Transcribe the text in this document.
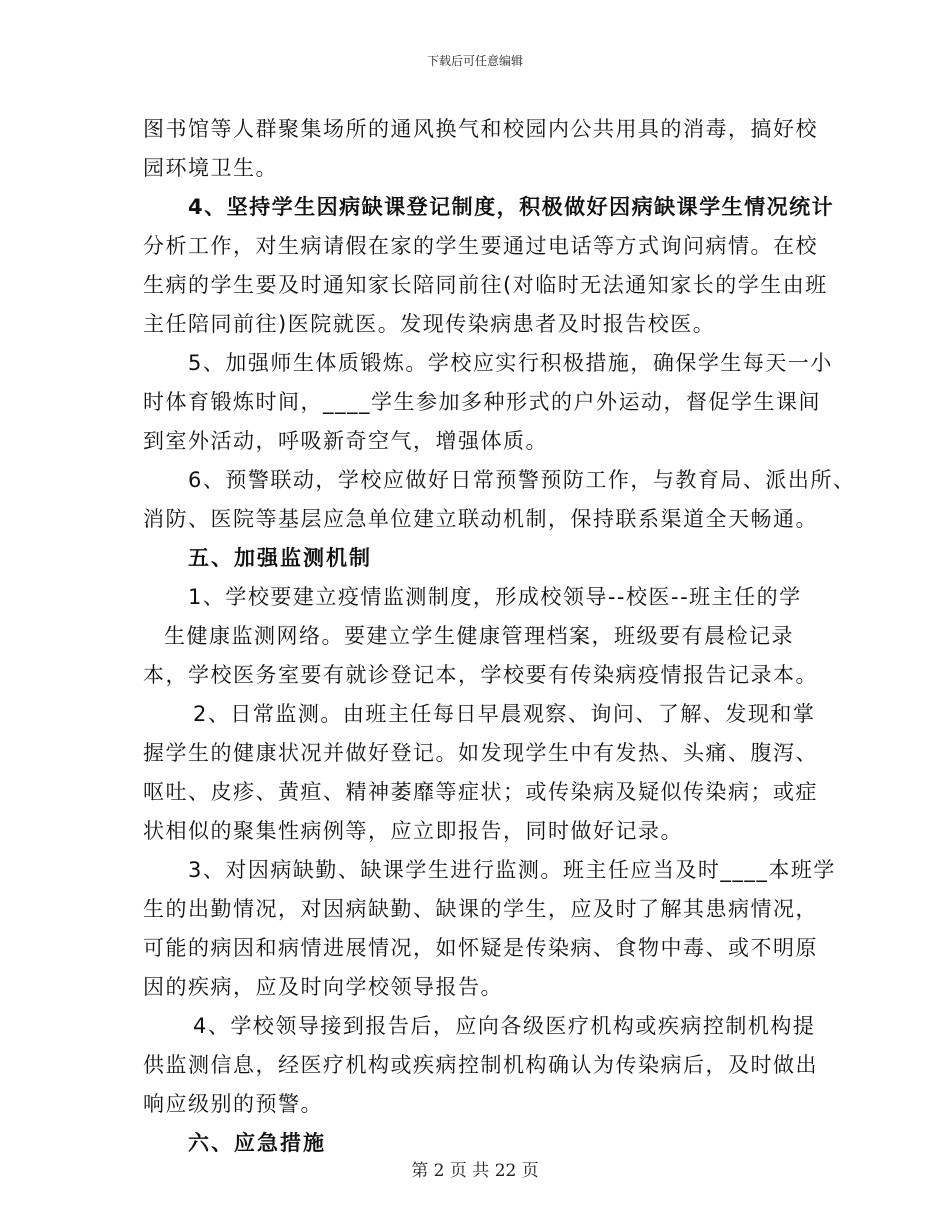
下载后可任意编辑
图书馆等人群聚集场所的通风换气和校园内公共用具的消毒，搞好校
园环境卫生。
4、坚持学生因病缺课登记制度，积极做好因病缺课学生情况统计
分析工作，对生病请假在家的学生要通过电话等方式询问病情。在校
生病的学生要及时通知家长陪同前往(对临时无法通知家长的学生由班
主任陪同前往)医院就医。发现传染病患者及时报告校医。
5、加强师生体质锻炼。学校应实行积极措施，确保学生每天一小
时体育锻炼时间，____学生参加多种形式的户外运动，督促学生课间
到室外活动，呼吸新奇空气，增强体质。
6、预警联动，学校应做好日常预警预防工作，与教育局、派出所、
消防、医院等基层应急单位建立联动机制，保持联系渠道全天畅通。
五、加强监测机制
1、学校要建立疫情监测制度，形成校领导--校医--班主任的学
生健康监测网络。要建立学生健康管理档案，班级要有晨检记录
本，学校医务室要有就诊登记本，学校要有传染病疫情报告记录本。
2、日常监测。由班主任每日早晨观察、询问、了解、发现和掌
握学生的健康状况并做好登记。如发现学生中有发热、头痛、腹泻、
呕吐、皮疹、黄疸、精神萎靡等症状；或传染病及疑似传染病；或症
状相似的聚集性病例等，应立即报告，同时做好记录。
3、对因病缺勤、缺课学生进行监测。班主任应当及时____本班学
生的出勤情况，对因病缺勤、缺课的学生，应及时了解其患病情况，
可能的病因和病情进展情况，如怀疑是传染病、食物中毒、或不明原
因的疾病，应及时向学校领导报告。
4、学校领导接到报告后，应向各级医疗机构或疾病控制机构提
供监测信息，经医疗机构或疾病控制机构确认为传染病后，及时做出
响应级别的预警。
六、应急措施
第 2 页 共 22 页
